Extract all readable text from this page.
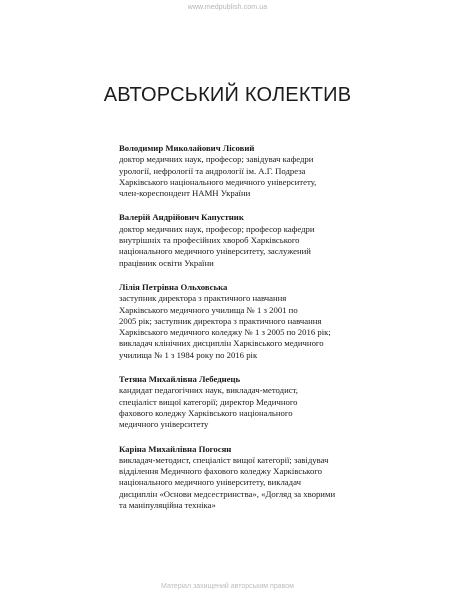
www.medpublish.com.ua
АВТОРСЬКИЙ КОЛЕКТИВ

Володимир Миколайович Лісовий

доктор медичних наук, професор; завідувач кафедри

урології, нефрології та андрології ім. А.Г. Подреза

Харківського національного медичного університету,

член-кореспондент НАМН України

Валерій Андрійович Капустник

доктор медичних наук, професор; професор кафедри

внутрішніх та професійних хвороб Харківського

національного медичного університету, заслужений

працівник освіти України

Лілія Петрівна Ольховська

заступник директора з практичного навчання

Харківського медичного училища № 1 з 2001 по

2005 рік; заступник директора з практичного навчання

Харківського медичного коледжу № 1 з 2005 по 2016 рік;

викладач клінічних дисциплін Харківського медичного

училища № 1 з 1984 року по 2016 рік

Тетяна Михайлівна Лебеднець

кандидат педагогічних наук, викладач-методист,

спеціаліст вищої категорії; директор Медичного

фахового коледжу Харківського національного

медичного університету

Каріна Михайлівна Погосян

викладач-методист, спеціаліст вищої категорії; завідувач

відділення Медичного фахового коледжу Харківського

національного медичного університету, викладач

дисциплін «Основи медсестринства», «Догляд за хворими

та маніпуляційна техніка»

Матеріал захищений авторським правом
